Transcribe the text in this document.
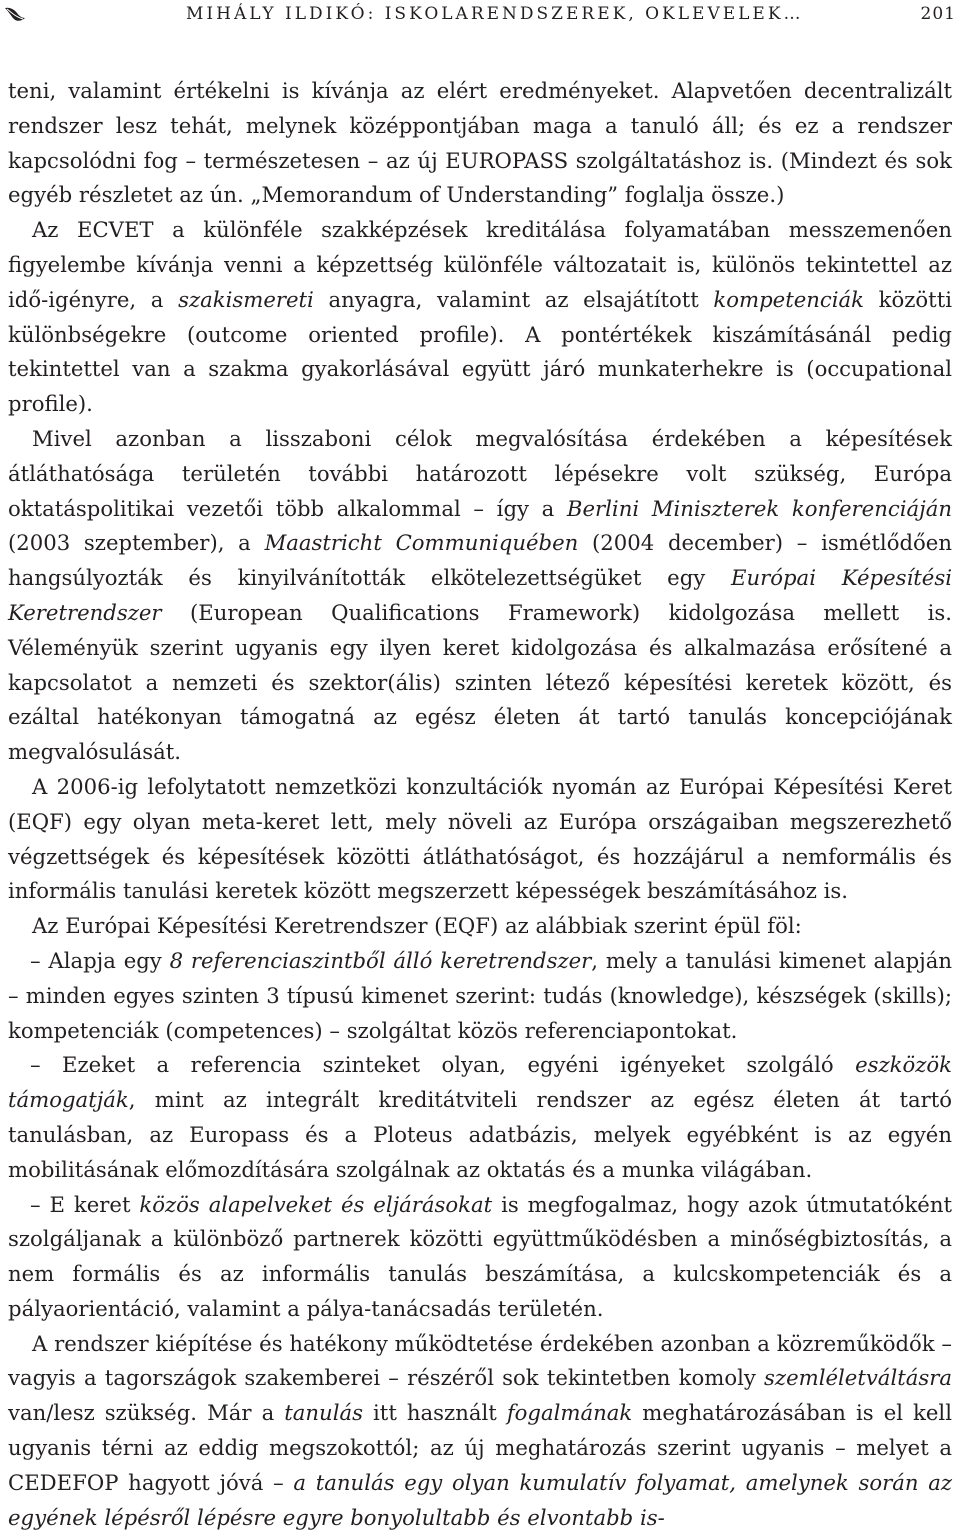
MIHÁLY ILDIKÓ: ISKOLARENDSZEREK, OKLEVELEK…	201

teni, valamint értékelni is kívánja az elért eredményeket. Alapvetően decentralizált rendszer lesz tehát, melynek középpontjában maga a tanuló áll; és ez a rendszer kapcsolódni fog – természetesen – az új EUROPASS szolgáltatáshoz is. (Mindezt és sok egyéb részletet az ún. „Memorandum of Understanding” foglalja össze.)

Az ECVET a különféle szakképzések kreditálása folyamatában messzemenően figyelembe kívánja venni a képzettség különféle változatait is, különös tekintettel az idő-igényre, a szakismereti anyagra, valamint az elsajátított kompetenciák közötti különbségekre (outcome oriented profile). A pontértékek kiszámításánál pedig tekintettel van a szakma gyakorlásával együtt járó munkaterhekre is (occupational profile).

Mivel azonban a lisszaboni célok megvalósítása érdekében a képesítések átláthatósága területén további határozott lépésekre volt szükség, Európa oktatáspolitikai vezetői több alkalommal – így a Berlini Miniszterek konferenciáján (2003 szeptember), a Maastricht Communiquében (2004 december) – ismétlődően hangsúlyozták és kinyilvánították elkötelezettségüket egy Európai Képesítési Keretrendszer (European Qualifications Framework) kidolgozása mellett is. Véleményük szerint ugyanis egy ilyen keret kidolgozása és alkalmazása erősítené a kapcsolatot a nemzeti és szektor(ális) szinten létező képesítési keretek között, és ezáltal hatékonyan támogatná az egész életen át tartó tanulás koncepciójának megvalósulását.

A 2006-ig lefolytatott nemzetközi konzultációk nyomán az Európai Képesítési Keret (EQF) egy olyan meta-keret lett, mely növeli az Európa országaiban megszerezhető végzettségek és képesítések közötti átláthatóságot, és hozzájárul a nemformális és informális tanulási keretek között megszerzett képességek beszámításához is.

Az Európai Képesítési Keretrendszer (EQF) az alábbiak szerint épül föl:

– Alapja egy 8 referenciaszintből álló keretrendszer, mely a tanulási kimenet alapján – minden egyes szinten 3 típusú kimenet szerint: tudás (knowledge), készségek (skills); kompetenciák (competences) – szolgáltat közös referenciapontokat.

– Ezeket a referencia szinteket olyan, egyéni igényeket szolgáló eszközök támogatják, mint az integrált kreditátviteli rendszer az egész életen át tartó tanulásban, az Europass és a Ploteus adatbázis, melyek egyébként is az egyén mobilitásának előmozdítására szolgálnak az oktatás és a munka világában.

– E keret közös alapelveket és eljárásokat is megfogalmaz, hogy azok útmutatóként szolgáljanak a különböző partnerek közötti együttműködésben a minőségbiztosítás, a nem formális és az informális tanulás beszámítása, a kulcskompetenciák és a pályaorientáció, valamint a pálya-tanácsadás területén.

A rendszer kiépítése és hatékony működtetése érdekében azonban a közreműködők – vagyis a tagországok szakemberei – részéről sok tekintetben komoly szemléletváltásra van/lesz szükség. Már a tanulás itt használt fogalmának meghatározásában is el kell ugyanis térni az eddig megszokottól; az új meghatározás szerint ugyanis – melyet a CEDEFOP hagyott jóvá – a tanulás egy olyan kumulatív folyamat, amelynek során az egyének lépésről lépésre egyre bonyolultabb és elvontabb is-
